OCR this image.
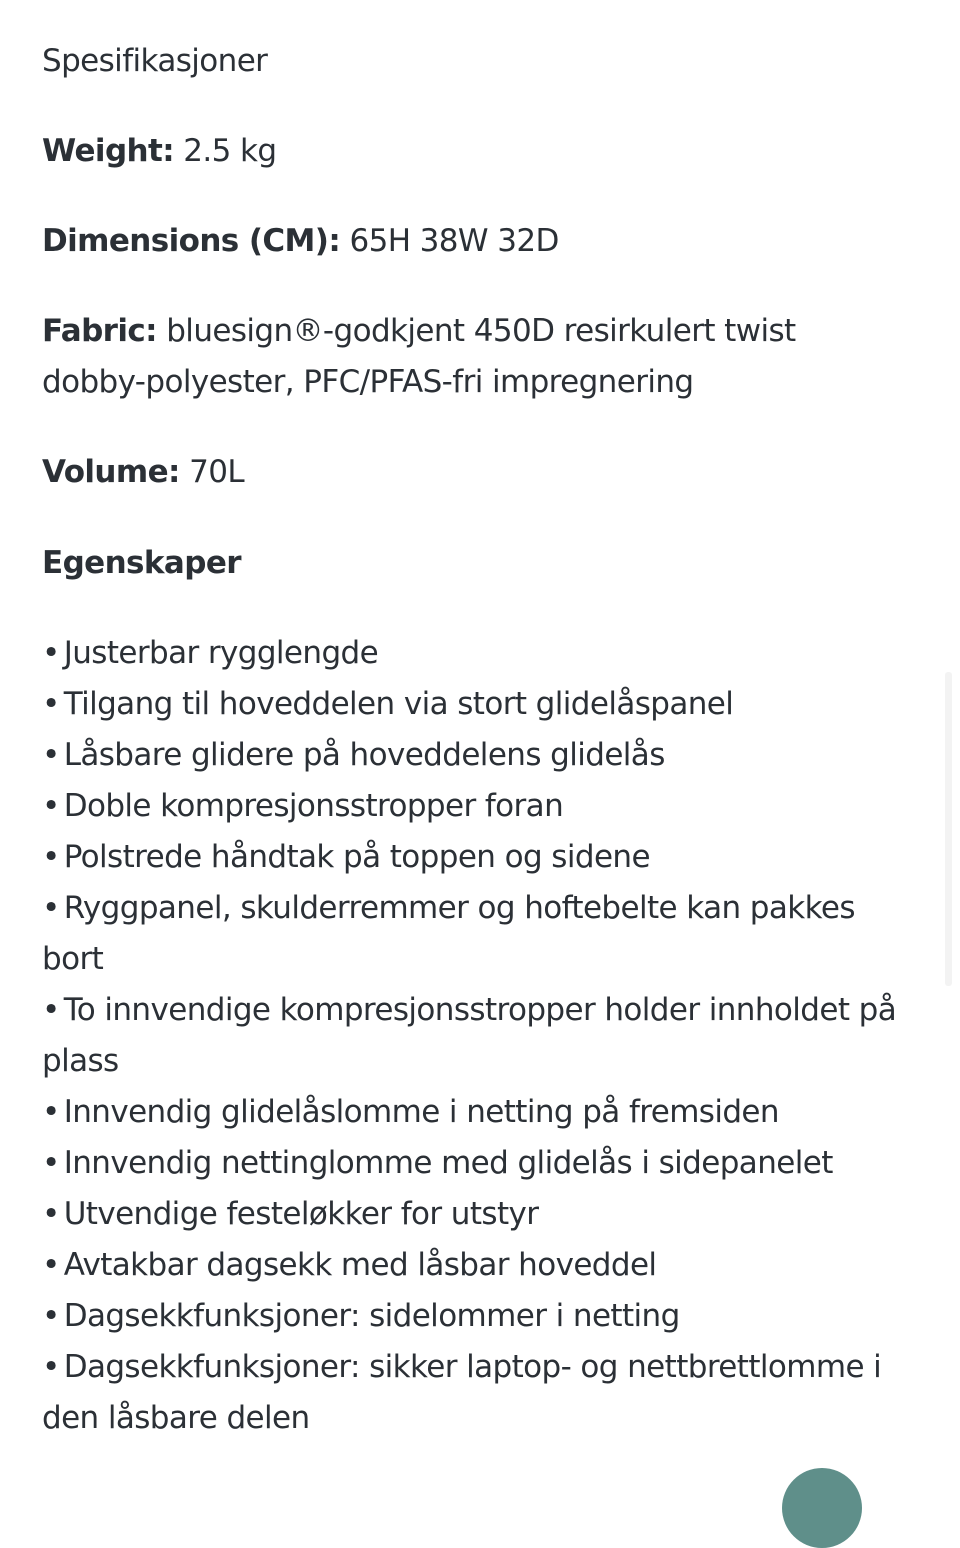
Spesifikasjoner

Weight: 2.5 kg

Dimensions (CM): 65H 38W 32D

Fabric: bluesign®-godkjent 450D resirkulert twist dobby-polyester, PFC/PFAS-fri impregnering

Volume: 70L

Egenskaper

• Justerbar rygglengde
• Tilgang til hoveddelen via stort glidelåspanel
• Låsbare glidere på hoveddelens glidelås
• Doble kompresjonsstropper foran
• Polstrede håndtak på toppen og sidene
• Ryggpanel, skulderremmer og hoftebelte kan pakkes bort
• To innvendige kompresjonsstropper holder innholdet på plass
• Innvendig glidelåslomme i netting på fremsiden
• Innvendig nettinglomme med glidelås i sidepanelet
• Utvendige festeløkker for utstyr
• Avtakbar dagsekk med låsbar hoveddel
• Dagsekkfunksjoner: sidelommer i netting
• Dagsekkfunksjoner: sikker laptop- og nettbrettlomme i den låsbare delen
